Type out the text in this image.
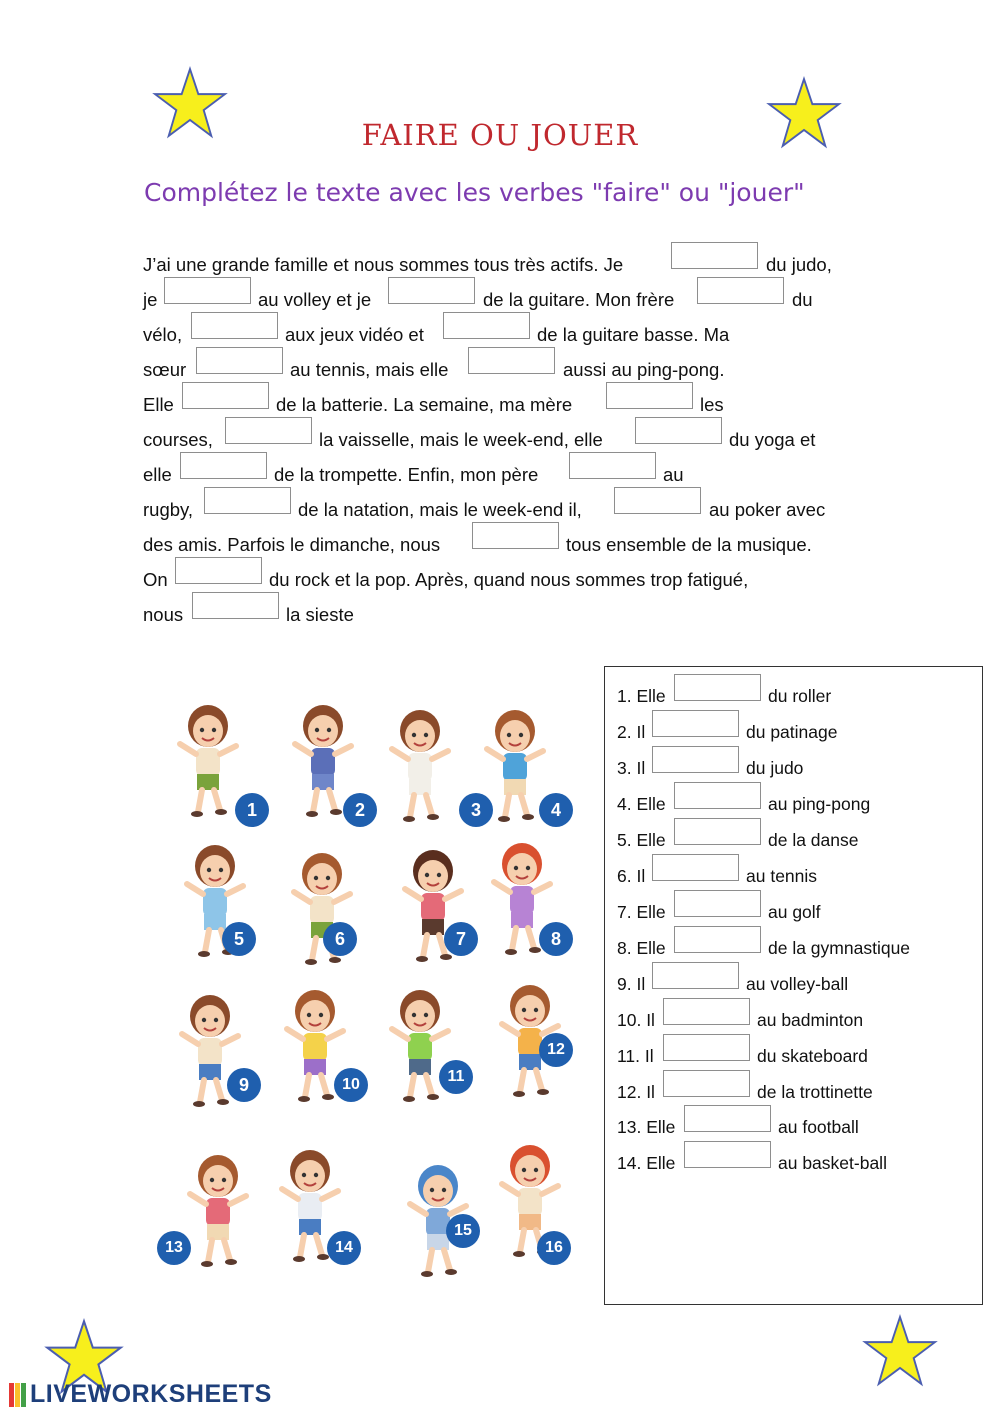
FAIRE OU JOUER
Complétez le texte avec les verbes "faire" ou "jouer"
J’ai une grande famille et nous sommes tous très actifs. Je	du judo,
je	au volley et je	de la guitare. Mon frère	du
vélo,	aux jeux vidéo et	de la guitare basse. Ma
sœur	au tennis, mais elle	aussi au ping-pong.
Elle	de la batterie. La semaine, ma mère	les
courses,	la vaisselle, mais le week-end, elle	du yoga et
elle	de la trompette. Enfin, mon père	au
rugby,	de la natation, mais le week-end il,	au poker avec
des amis. Parfois le dimanche, nous	tous ensemble de la musique.
On	du rock et la pop. Après, quand nous sommes trop fatigué,
nous	la sieste
1	2	3	4
5	6	7	8
9	10	11
12
13	14
15
16
1. Elle	du roller
2. Il	du patinage
3. Il	du judo
4. Elle	au ping-pong
5. Elle	de la danse
6. Il	au tennis
7. Elle	au golf
8. Elle	de la gymnastique
9. Il	au volley-ball
10. Il	au badminton
11. Il	du skateboard
12. Il	de la trottinette
13. Elle	au football
14. Elle	au basket-ball
LIVEWORKSHEETS
